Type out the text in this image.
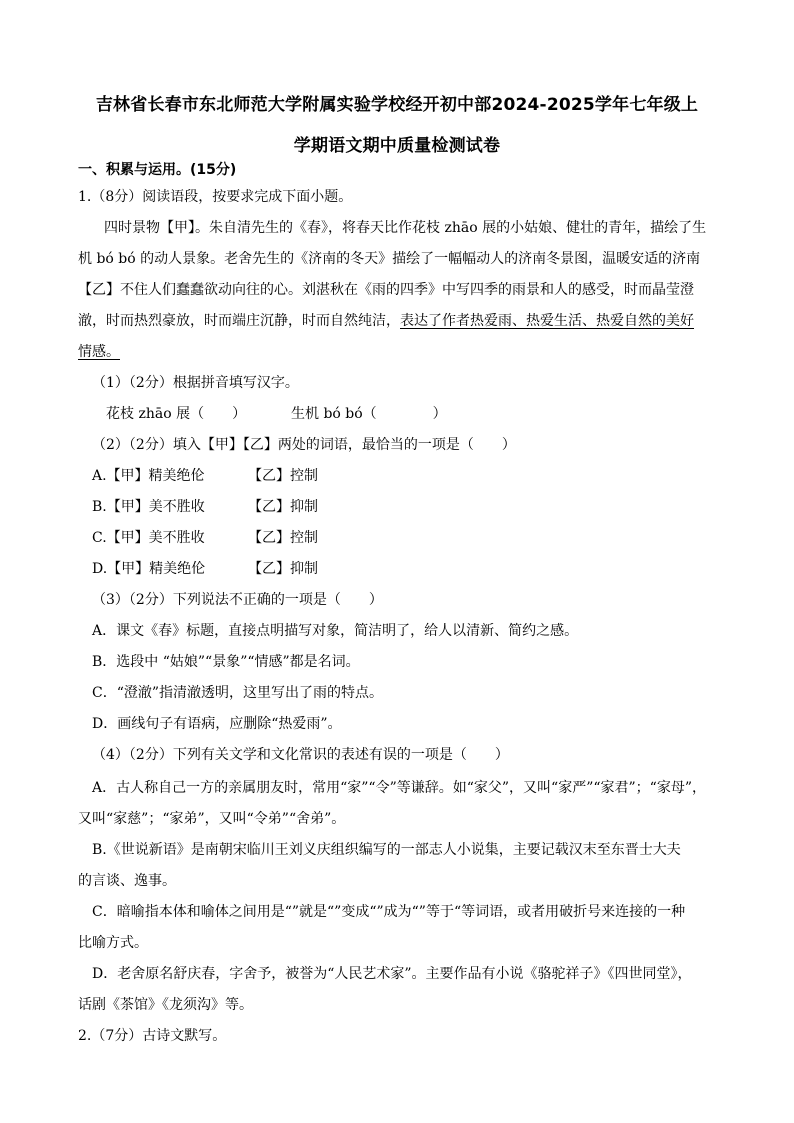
吉林省长春市东北师范大学附属实验学校经开初中部2024-2025学年七年级上
学期语文期中质量检测试卷
一、积累与运用。(15分)
1.（8分）阅读语段，按要求完成下面小题。
四时景物【甲】。朱自清先生的《春》，将春天比作花枝 zhāo 展的小姑娘、健壮的青年，描绘了生
机 bó bó 的动人景象。老舍先生的《济南的冬天》描绘了一幅幅动人的济南冬景图，温暖安适的济南
【乙】不住人们蠢蠢欲动向往的心。刘湛秋在《雨的四季》中写四季的雨景和人的感受，时而晶莹澄
澈，时而热烈豪放，时而端庄沉静，时而自然纯洁，表达了作者热爱雨、热爱生活、热爱自然的美好
情感。
（1）（2分）根据拼音填写汉字。
花枝 zhāo 展（　　）	生机 bó bó（　　　　）
（2）（2分）填入【甲】【乙】两处的词语，最恰当的一项是（　　）
A.【甲】精美绝伦	【乙】控制
B.【甲】美不胜收	【乙】抑制
C.【甲】美不胜收	【乙】控制
D.【甲】精美绝伦	【乙】抑制
（3）（2分）下列说法不正确的一项是（　　）
A．课文《春》标题，直接点明描写对象，简洁明了，给人以清新、简约之感。
B．选段中 “姑娘”“景象”“情感”都是名词。
C．“澄澈”指清澈透明，这里写出了雨的特点。
D．画线句子有语病，应删除“热爱雨”。
（4）（2分）下列有关文学和文化常识的表述有误的一项是（　　）
A．古人称自己一方的亲属朋友时，常用“家”“令”等谦辞。如“家父”，又叫“家严”“家君”；“家母”，
又叫“家慈”；“家弟”，又叫“令弟”“舍弟”。
B.《世说新语》是南朝宋临川王刘义庆组织编写的一部志人小说集，主要记载汉末至东晋士大夫
的言谈、逸事。
C．暗喻指本体和喻体之间用是“”就是“”变成“”成为“”等于“等词语，或者用破折号来连接的一种
比喻方式。
D．老舍原名舒庆春，字舍予，被誉为“人民艺术家”。主要作品有小说《骆驼祥子》《四世同堂》，
话剧《茶馆》《龙须沟》等。
2.（7分）古诗文默写。
